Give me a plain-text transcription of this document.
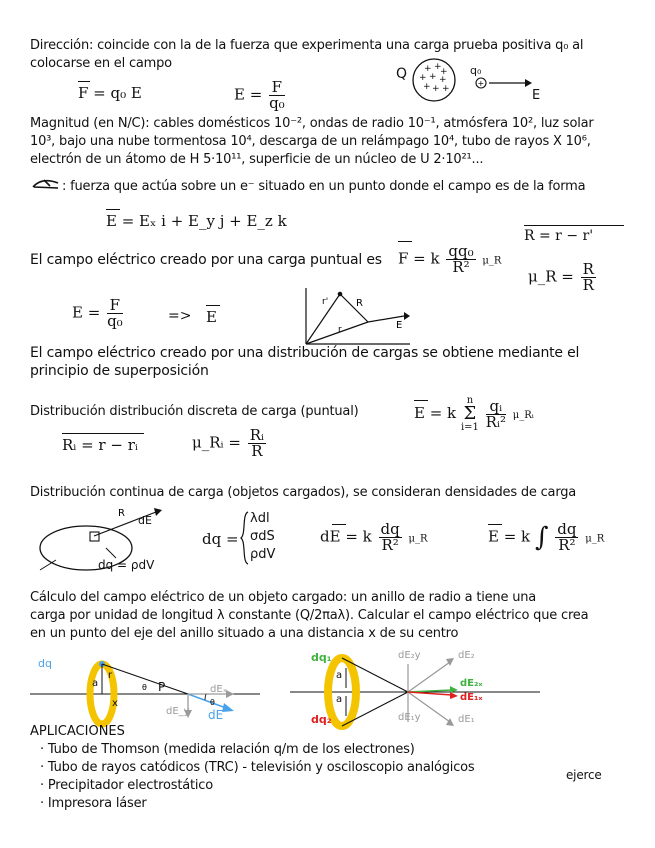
Dirección: coincide con la de la fuerza que experimenta una carga prueba positiva q₀ al
colocarse en el campo
F = q₀ E	$E = \frac{F}{\text{q₀}}$
Q + +
+
+ + +
+ + +
q₀
+
E
Magnitud (en N/C): cables domésticos 10⁻², ondas de radio 10⁻¹, atmósfera 10², luz solar
10³, bajo una nube tormentosa 10⁴, descarga de un relámpago 10⁴, tubo de rayos X 10⁶,
electrón de un átomo de H 5·10¹¹, superficie de un núcleo de U 2·10²¹...
: fuerza que actúa sobre un e⁻ situado en un punto donde el campo es de la forma
E = Eₓ i + E_y j + E_z k
R = r − r'
El campo eléctrico creado por una carga puntual es F = k $\frac{\text{qq₀}}{\text{R²}}$ μ_R
μ_R = $\frac{R}{R}$
$E = \frac{F}{\text{q₀}}$	=> E
r'	R
r	E
El campo eléctrico creado por una distribución de cargas se obtiene mediante el
principio de superposición
Distribución distribución discreta de carga (puntual)	E = k
n
Σ
i=1
$\frac{\text{qᵢ}}{\text{Rᵢ²}}$ μ_Rᵢ
Rᵢ = r − rᵢ	μ_Rᵢ = $\frac{\text{Rᵢ}}{R}$
Distribución continua de carga (objetos cargados), se consideran densidades de carga
R
dE
dq = ρdV
dq =
λdl
σdS
ρdV
dE = k $\frac{dq}{\text{R²}}$ μ_R	E = k ∫ $\frac{dq}{\text{R²}}$ μ_R
Cálculo del campo eléctrico de un objeto cargado: un anillo de radio a tiene una
carga por unidad de longitud λ constante (Q/2πaλ). Calcular el campo eléctrico que crea
en un punto del eje del anillo situado a una distancia x de su centro
θ
θ
dq
r
a
x
P	dEₓ
dE_y dE
dq₁
a
a
dq₂
dE₂y	dE₂
dE₂ₓ
dE₁ₓ
dE₁y	dE₁
APLICACIONES
· Tubo de Thomson (medida relación q/m de los electrones)
· Tubo de rayos catódicos (TRC) - televisión y osciloscopio analógicos
· Precipitador electrostático
· Impresora láser
ejerce
